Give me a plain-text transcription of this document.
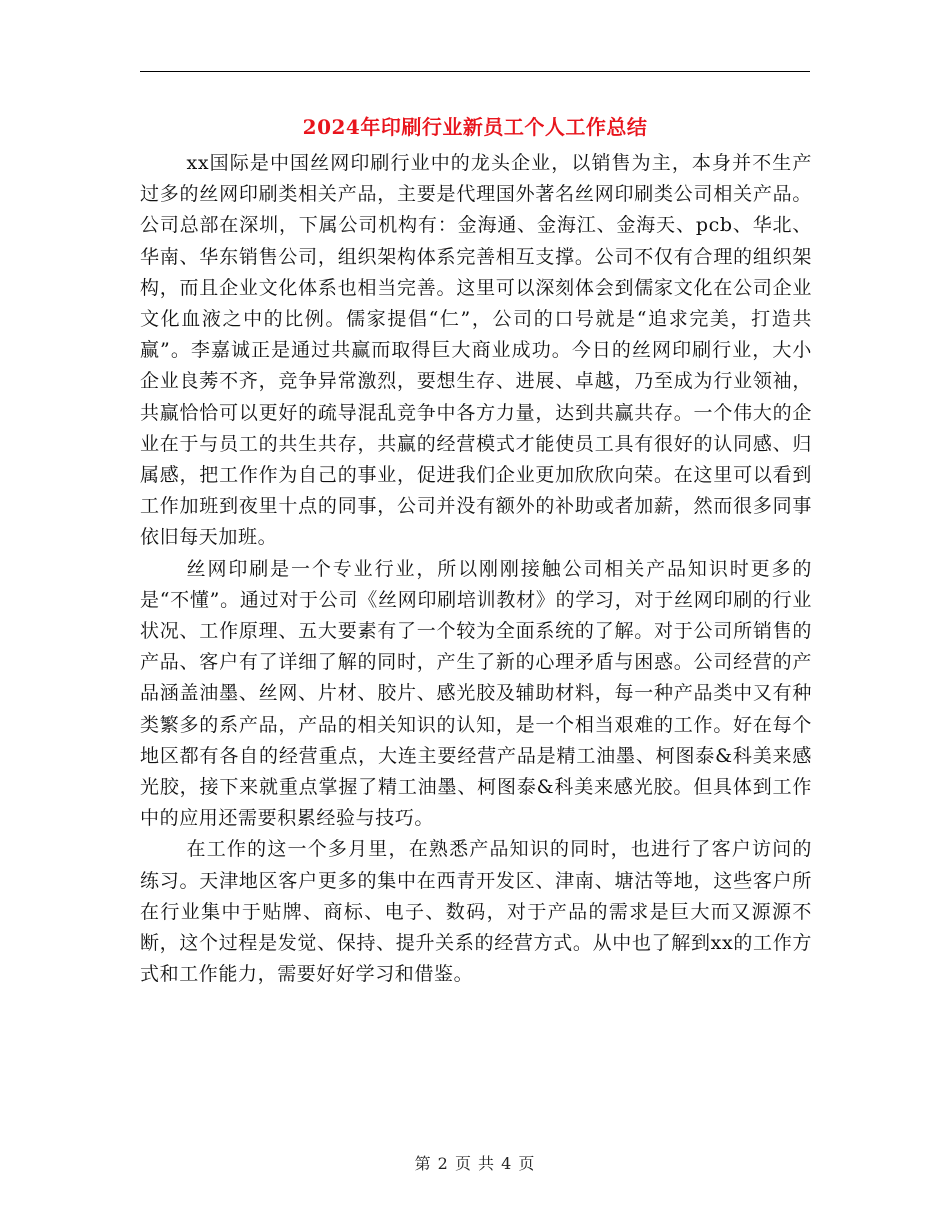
2024年印刷行业新员工个人工作总结

xx国际是中国丝网印刷行业中的龙头企业，以销售为主，本身并不生产过多的丝网印刷类相关产品，主要是代理国外著名丝网印刷类公司相关产品。公司总部在深圳，下属公司机构有：金海通、金海江、金海天、pcb、华北、华南、华东销售公司，组织架构体系完善相互支撑。公司不仅有合理的组织架构，而且企业文化体系也相当完善。这里可以深刻体会到儒家文化在公司企业文化血液之中的比例。儒家提倡“仁”，公司的口号就是“追求完美，打造共赢”。李嘉诚正是通过共赢而取得巨大商业成功。今日的丝网印刷行业，大小企业良莠不齐，竞争异常激烈，要想生存、进展、卓越，乃至成为行业领袖，共赢恰恰可以更好的疏导混乱竞争中各方力量，达到共赢共存。一个伟大的企业在于与员工的共生共存，共赢的经营模式才能使员工具有很好的认同感、归属感，把工作作为自己的事业，促进我们企业更加欣欣向荣。在这里可以看到工作加班到夜里十点的同事，公司并没有额外的补助或者加薪，然而很多同事依旧每天加班。

丝网印刷是一个专业行业，所以刚刚接触公司相关产品知识时更多的是“不懂”。通过对于公司《丝网印刷培训教材》的学习，对于丝网印刷的行业状况、工作原理、五大要素有了一个较为全面系统的了解。对于公司所销售的产品、客户有了详细了解的同时，产生了新的心理矛盾与困惑。公司经营的产品涵盖油墨、丝网、片材、胶片、感光胶及辅助材料，每一种产品类中又有种类繁多的系产品，产品的相关知识的认知，是一个相当艰难的工作。好在每个地区都有各自的经营重点，大连主要经营产品是精工油墨、柯图泰&科美来感光胶，接下来就重点掌握了精工油墨、柯图泰&科美来感光胶。但具体到工作中的应用还需要积累经验与技巧。

在工作的这一个多月里，在熟悉产品知识的同时，也进行了客户访问的练习。天津地区客户更多的集中在西青开发区、津南、塘沽等地，这些客户所在行业集中于贴牌、商标、电子、数码，对于产品的需求是巨大而又源源不断，这个过程是发觉、保持、提升关系的经营方式。从中也了解到xx的工作方式和工作能力，需要好好学习和借鉴。

第 2 页 共 4 页
